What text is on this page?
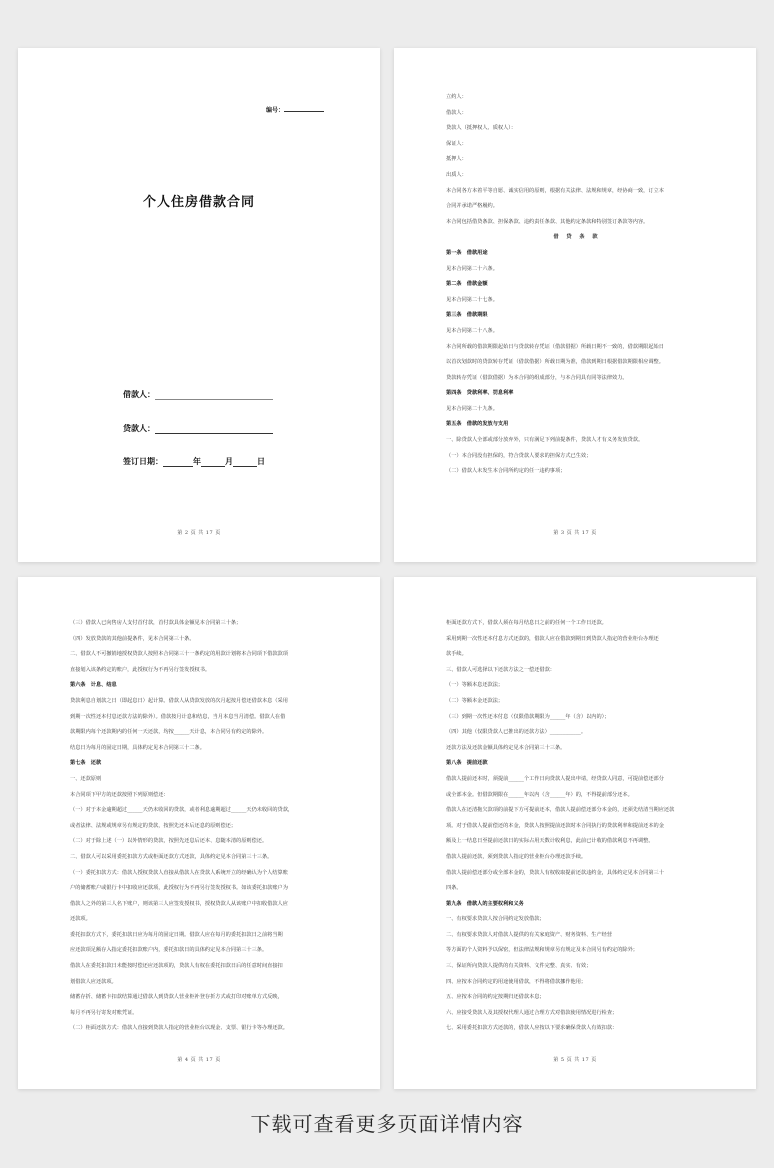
编号：
个人住房借款合同
借款人：
贷款人：
签订日期：	年	月	日
第 2 页 共 17 页
立约人：
借款人：
贷款人（抵押权人、质权人）：
保证人：
抵押人：
出质人：
本合同各方本着平等自愿、诚实信用的原则，根据有关法律、法规和规章，经协商一致，订立本
合同并承诺严格履约。
本合同包括借贷条款、担保条款、违约责任条款、其他约定条款和特别签订条款等内容。
借 贷 条 款
第一条　借款用途
见本合同第二十六条。
第二条　借款金额
见本合同第二十七条。
第三条　借款期限
见本合同第二十八条。
本合同所载的借款期限起始日与贷款转存凭证（借款借据）所载日期不一致的，借款期限起始日
以首次划款时的贷款转存凭证（借款借据）所载日期为准，借款到期日根据借款期限相应调整。
贷款转存凭证（借款借据）为本合同的组成部分，与本合同具有同等法律效力。
第四条　贷款利率、罚息利率
见本合同第二十九条。
第五条　借款的发放与支用
一、除贷款人全部或部分放弃外，只有满足下列前提条件，贷款人才有义务发放贷款。
（一）本合同没有担保的，符合贷款人要求的担保方式已生效；
（二）借款人未发生本合同所约定的任一违约事项；
第 3 页 共 17 页
（三）借款人已向售房人支付首付款，首付款具体金额见本合同第三十条；
（四）发放贷款的其他前提条件，见本合同第三十条。
二、借款人不可撤销地授权贷款人按照本合同第三十一条约定的用款计划将本合同项下借款款项
直接划入该条约定的账户，此授权行为不再另行签发授权书。
第六条　计息、结息
贷款利息自划款之日（即起息日）起计算。借款人从贷款发放的次月起按月偿还借款本息（采用
到期一次性还本付息还款方法的除外）。借款按月计息和结息，当月本息当月清偿。借款人在借
款期限内每个还款期内的任何一天还款，均按______天计息，本合同另有约定的除外。
结息日为每月的固定日期，具体约定见本合同第三十二条。
第七条　还款
一、还款原则
本合同项下甲方的还款按照下列原则偿还：
（一）对于本金逾期超过______天仍未收回的贷款，或者利息逾期超过______天仍未收回的贷款，
或者法律、法规或规章另有规定的贷款，按照先还本后还息的原则偿还；
（二）对于除上述（一）以外情形的贷款，按照先还息后还本、息随本清的原则偿还。
二、借款人可以采用委托扣款方式或柜面还款方式还款，具体约定见本合同第三十三条。
（一）委托扣款方式：借款人授权贷款人直接从借款人在贷款人系统开立的经确认为个人结算账
户的储蓄账户或银行卡中扣收应还款项，此授权行为不再另行签发授权书。如该委托扣款账户为
借款人之外的第三人名下账户，则该第三人应签发授权书，授权贷款人从该账户中扣收借款人应
还款项。
委托扣款方式下，委托扣款日应为每月的固定日期。借款人应在每月的委托扣款日之前将当期
应还款项足额存入指定委托扣款账户内，委托扣款日的具体约定见本合同第三十三条。
借款人在委托扣款日未能按时偿还应还款项的，贷款人有权在委托扣款日后的任意时间直接扣
划借款人应还款项。
储蓄存折、储蓄卡扣款结算通过借款人到贷款人营业柜补登存折方式或打印对账单方式反映，
每月不再另行寄发对账凭证。
（二）柜面还款方式：借款人直接到贷款人指定的营业柜台以现金、支票、银行卡等办理还款。
第 4 页 共 17 页
柜面还款方式下，借款人须在每月结息日之前的任何一个工作日还款。
采用到期一次性还本付息方式还款的，借款人应在借款到期日到贷款人指定的营业柜台办理还
款手续。
三、借款人可选择以下还款方法之一偿还借款：
（一）等额本息还款法；
（二）等额本金还款法；
（三）到期一次性还本付息（仅限借款期限为______年（含）以内的）；
（四）其他（仅限贷款人已推出的还款方法）____________。
还款方法及还款金额具体约定见本合同第三十三条。
第八条　提前还款
借款人提前还本时，须提前______个工作日向贷款人提出申请，经贷款人同意，可提前偿还部分
或全部本金。但借款期限在______年以内（含______年）的，不得提前部分还本。
借款人在还清拖欠款项的前提下方可提前还本，借款人提前偿还部分本金的，还须先结清当期应还款
项。对于借款人提前偿还的本金，贷款人按照提前还款时本合同执行的贷款利率和提前还本的金
额及上一结息日至提前还款日的实际占用天数计收利息，此前已计收的借款利息不再调整。
借款人提前还款，须到贷款人指定的营业柜台办理还款手续。
借款人提前偿还部分或全部本金的，贷款人有权收取提前还款违约金，具体约定见本合同第三十
四条。
第九条　借款人的主要权利和义务
一、有权要求贷款人按合同约定发放借款；
二、有权要求贷款人对借款人提供的有关家庭资产、财务资料、生产经营
等方面的个人资料予以保密，但法律法规和规章另有规定及本合同另有约定的除外；
三、保证所向贷款人提供的有关资料、文件完整、真实、有效；
四、应按本合同约定的用途使用借款，不得将借款挪作他用；
五、应按本合同的约定按期归还借款本息；
六、应接受贷款人及其授权代理人通过合理方式对借款使用情况进行检查；
七、采用委托扣款方式还款的，借款人应按以下要求确保贷款人有效扣款：
第 5 页 共 17 页
下载可查看更多页面详情内容
